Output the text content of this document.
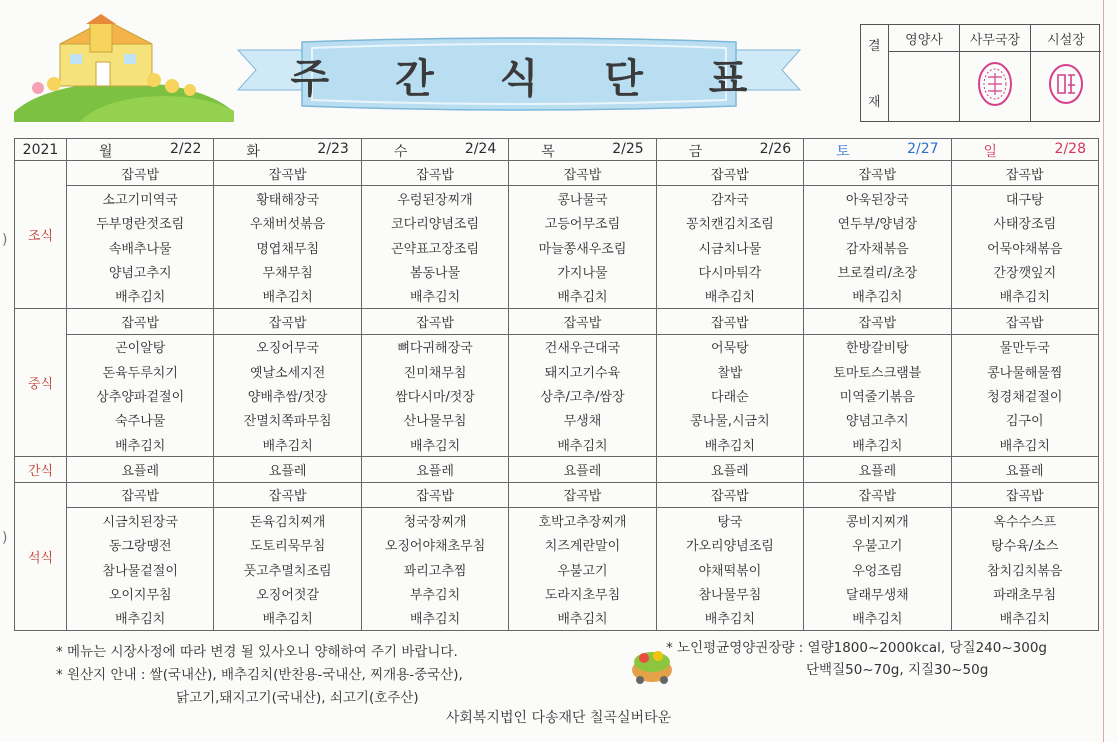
주 간 식 단 표
결
재
영양사	사무국장	시설장
2021	월 2/22	화 2/23	수 2/24	목 2/25	금 2/26	토 2/27	일 2/28

조식	잡곡밥	잡곡밥	잡곡밥	잡곡밥	잡곡밥	잡곡밥	잡곡밥
	소고기미역국	황태해장국	우렁된장찌개	콩나물국	감자국	아욱된장국	대구탕
	두부명란젓조림	우채버섯볶음	코다리양념조림	고등어무조림	꽁치캔김치조림	연두부/양념장	사태장조림
	속배추나물	명엽채무침	곤약표고장조림	마늘쫑새우조림	시금치나물	감자채볶음	어묵야채볶음
	양념고추지	무채무침	봄동나물	가지나물	다시마튀각	브로컬리/초장	간장깻잎지
	배추김치	배추김치	배추김치	배추김치	배추김치	배추김치	배추김치
중식	잡곡밥	잡곡밥	잡곡밥	잡곡밥	잡곡밥	잡곡밥	잡곡밥
	곤이알탕	오징어무국	뼈다귀해장국	건새우근대국	어묵탕	한방갈비탕	물만두국
	돈육두루치기	옛날소세지전	진미채무침	돼지고기수육	찰밥	토마토스크램블	콩나물해물찜
	상추양파겉절이	양배추쌈/젓장	쌈다시마/젓장	상추/고추/쌈장	다래순	미역줄기볶음	청경채겉절이
	숙주나물	잔멸치쪽파무침	산나물무침	무생채	콩나물,시금치	양념고추지	김구이
	배추김치	배추김치	배추김치	배추김치	배추김치	배추김치	배추김치
간식	요플레	요플레	요플레	요플레	요플레	요플레	요플레
석식	잡곡밥	잡곡밥	잡곡밥	잡곡밥	잡곡밥	잡곡밥	잡곡밥
	시금치된장국	돈육김치찌개	청국장찌개	호박고추장찌개	탕국	콩비지찌개	옥수수스프
	동그랑땡전	도토리묵무침	오징어야채초무침	치즈계란말이	가오리양념조림	우불고기	탕수육/소스
	참나물겉절이	풋고추멸치조림	꽈리고추찜	우불고기	야채떡볶이	우엉조림	참치김치볶음
	오이지무침	오징어젓갈	부추김치	도라지초무침	참나물무침	달래무생채	파래초무침
	배추김치	배추김치	배추김치	배추김치	배추김치	배추김치	배추김치
)
)
* 메뉴는 시장사정에 따라 변경 될 있사오니 양해하여 주기 바랍니다.
* 원산지 안내 : 쌀(국내산), 배추김치(반찬용-국내산, 찌개용-중국산),
닭고기,돼지고기(국내산), 쇠고기(호주산)
* 노인평균영양권장량 : 열량1800~2000kcal, 당질240~300g
단백질50~70g, 지질30~50g
사회복지법인 다송재단 칠곡실버타운
